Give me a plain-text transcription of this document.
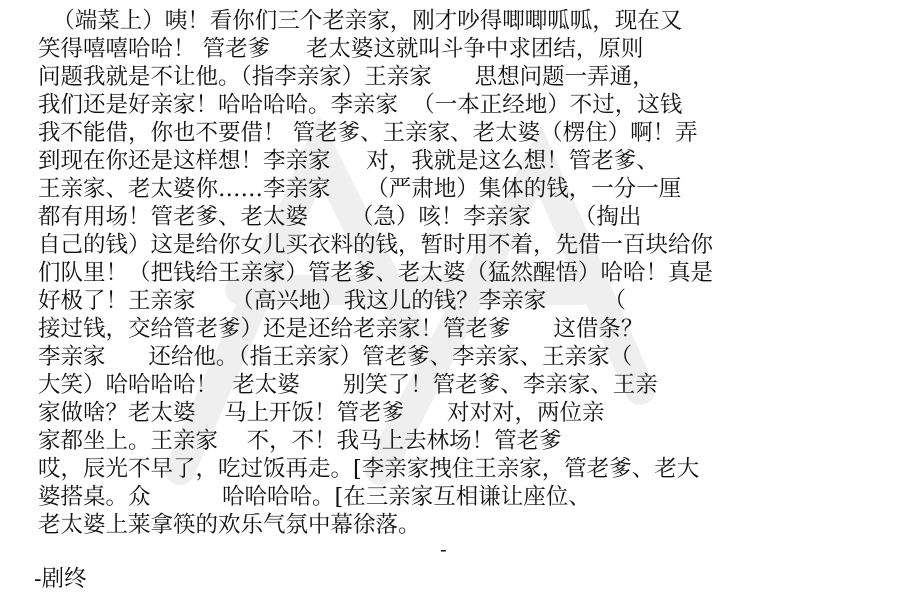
（端菜上）咦！看你们三个老亲家，刚才吵得唧唧呱呱，现在又
笑得嘻嘻哈哈！ 管老爹     老太婆这就叫斗争中求团结，原则
问题我就是不让他。（指李亲家）王亲家      思想问题一弄通，
我们还是好亲家！哈哈哈哈。李亲家  （一本正经地）不过，这钱
我不能借，你也不要借！ 管老爹、王亲家、老太婆（楞住）啊！弄
到现在你还是这样想！李亲家     对，我就是这么想！管老爹、
王亲家、老太婆你……李亲家     （严肃地）集体的钱，一分一厘
都有用场！管老爹、老太婆      （急）咳！李亲家      （掏出
自己的钱）这是给你女儿买衣料的钱，暂时用不着，先借一百块给你
们队里！（把钱给王亲家）管老爹、老太婆（猛然醒悟）哈哈！真是
好极了！王亲家     （高兴地）我这儿的钱？李亲家        （
接过钱，交给管老爹）还是还给老亲家！管老爹      这借条？
李亲家      还给他。（指王亲家）管老爹、李亲家、王亲家（
大笑）哈哈哈哈！  老太婆      别笑了！管老爹、李亲家、王亲
家做啥？老太婆    马上开饭！管老爹      对对对，两位亲
家都坐上。王亲家    不，不！我马上去林场！管老爹
哎，辰光不早了，吃过饭再走。[李亲家拽住王亲家，管老爹、老大
婆搭桌。众          哈哈哈哈。[在三亲家互相谦让座位、
老太婆上莱拿筷的欢乐气氛中幕徐落。
-
-剧终
